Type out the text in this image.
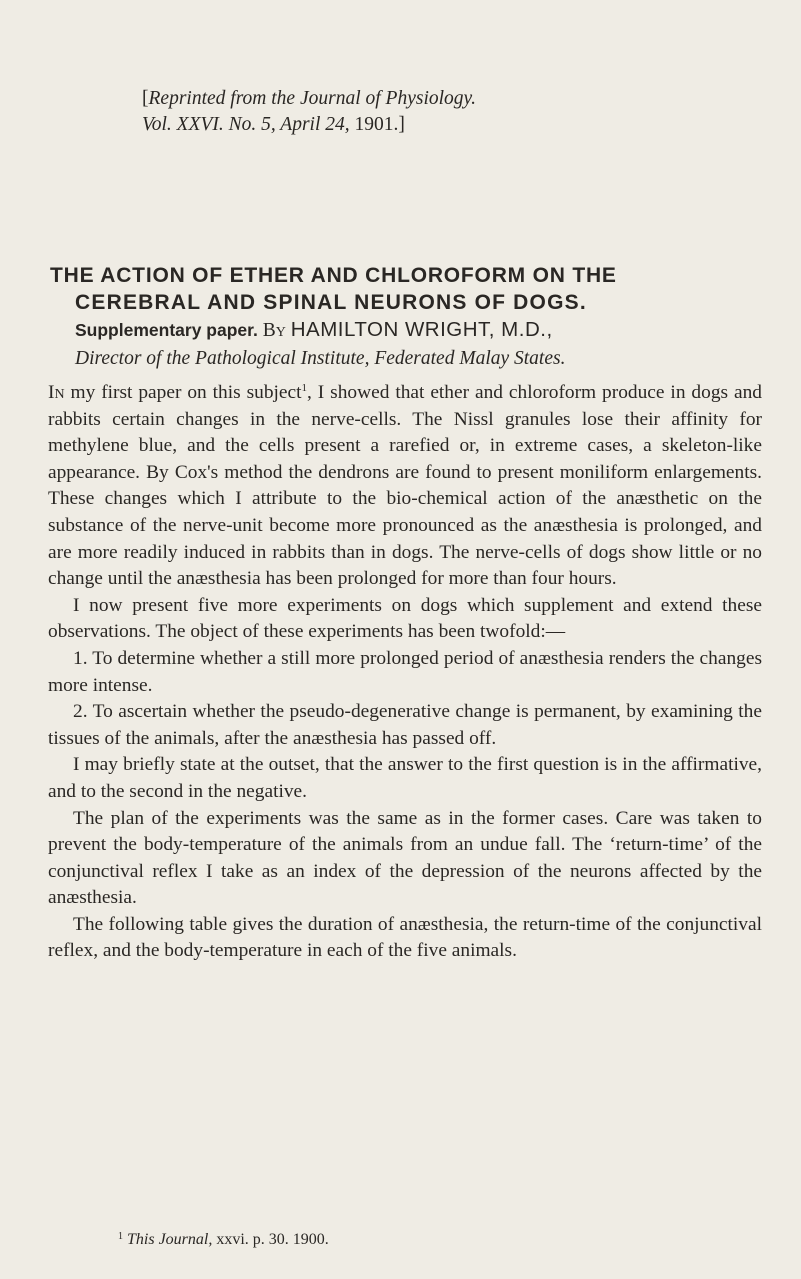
[Reprinted from the Journal of Physiology.
Vol. XXVI. No. 5, April 24, 1901.]
THE ACTION OF ETHER AND CHLOROFORM ON THE
CEREBRAL AND SPINAL NEURONS OF DOGS.
Supplementary paper. By HAMILTON WRIGHT, M.D.,
Director of the Pathological Institute, Federated Malay States.

In my first paper on this subject$^1$, I showed that ether and chloroform produce in dogs and rabbits certain changes in the nerve-cells. The Nissl granules lose their affinity for methylene blue, and the cells present a rarefied or, in extreme cases, a skeleton-like appearance. By Cox's method the dendrons are found to present moniliform enlargements. These changes which I attribute to the bio-chemical action of the anæsthetic on the substance of the nerve-unit become more pronounced as the anæsthesia is prolonged, and are more readily induced in rabbits than in dogs. The nerve-cells of dogs show little or no change until the anæsthesia has been prolonged for more than four hours.

I now present five more experiments on dogs which supplement and extend these observations. The object of these experiments has been twofold:—

1. To determine whether a still more prolonged period of anæsthesia renders the changes more intense.

2. To ascertain whether the pseudo-degenerative change is permanent, by examining the tissues of the animals, after the anæsthesia has passed off.

I may briefly state at the outset, that the answer to the first question is in the affirmative, and to the second in the negative.

The plan of the experiments was the same as in the former cases. Care was taken to prevent the body-temperature of the animals from an undue fall. The ‘return-time’ of the conjunctival reflex I take as an index of the depression of the neurons affected by the anæsthesia.

The following table gives the duration of anæsthesia, the return-time of the conjunctival reflex, and the body-temperature in each of the five animals.

$^1$ This Journal, xxvi. p. 30. 1900.
